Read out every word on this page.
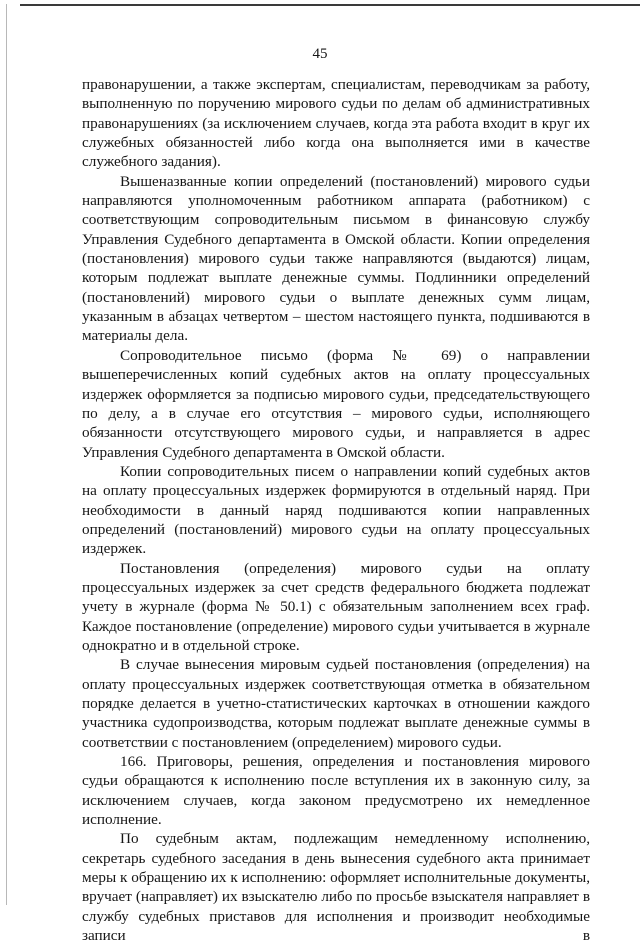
45

правонарушении, а также экспертам, специалистам, переводчикам за работу, выполненную по поручению мирового судьи по делам об административных правонарушениях (за исключением случаев, когда эта работа входит в круг их служебных обязанностей либо когда она выполняется ими в качестве служебного задания).

Вышеназванные копии определений (постановлений) мирового судьи направляются уполномоченным работником аппарата (работником) с соответствующим сопроводительным письмом в финансовую службу Управления Судебного департамента в Омской области. Копии определения (постановления) мирового судьи также направляются (выдаются) лицам, которым подлежат выплате денежные суммы. Подлинники определений (постановлений) мирового судьи о выплате денежных сумм лицам, указанным в абзацах четвертом – шестом настоящего пункта, подшиваются в материалы дела.

Сопроводительное письмо (форма № 69) о направлении вышеперечисленных копий судебных актов на оплату процессуальных издержек оформляется за подписью мирового судьи, председательствующего по делу, а в случае его отсутствия – мирового судьи, исполняющего обязанности отсутствующего мирового судьи, и направляется в адрес Управления Судебного департамента в Омской области.

Копии сопроводительных писем о направлении копий судебных актов на оплату процессуальных издержек формируются в отдельный наряд. При необходимости в данный наряд подшиваются копии направленных определений (постановлений) мирового судьи на оплату процессуальных издержек.

Постановления (определения) мирового судьи на оплату процессуальных издержек за счет средств федерального бюджета подлежат учету в журнале (форма № 50.1) с обязательным заполнением всех граф. Каждое постановление (определение) мирового судьи учитывается в журнале однократно и в отдельной строке.

В случае вынесения мировым судьей постановления (определения) на оплату процессуальных издержек соответствующая отметка в обязательном порядке делается в учетно-статистических карточках в отношении каждого участника судопроизводства, которым подлежат выплате денежные суммы в соответствии с постановлением (определением) мирового судьи.

166. Приговоры, решения, определения и постановления мирового судьи обращаются к исполнению после вступления их в законную силу, за исключением случаев, когда законом предусмотрено их немедленное исполнение.

По судебным актам, подлежащим немедленному исполнению, секретарь судебного заседания в день вынесения судебного акта принимает меры к обращению их к исполнению: оформляет исполнительные документы, вручает (направляет) их взыскателю либо по просьбе взыскателя направляет в службу судебных приставов для исполнения и производит необходимые записи в
